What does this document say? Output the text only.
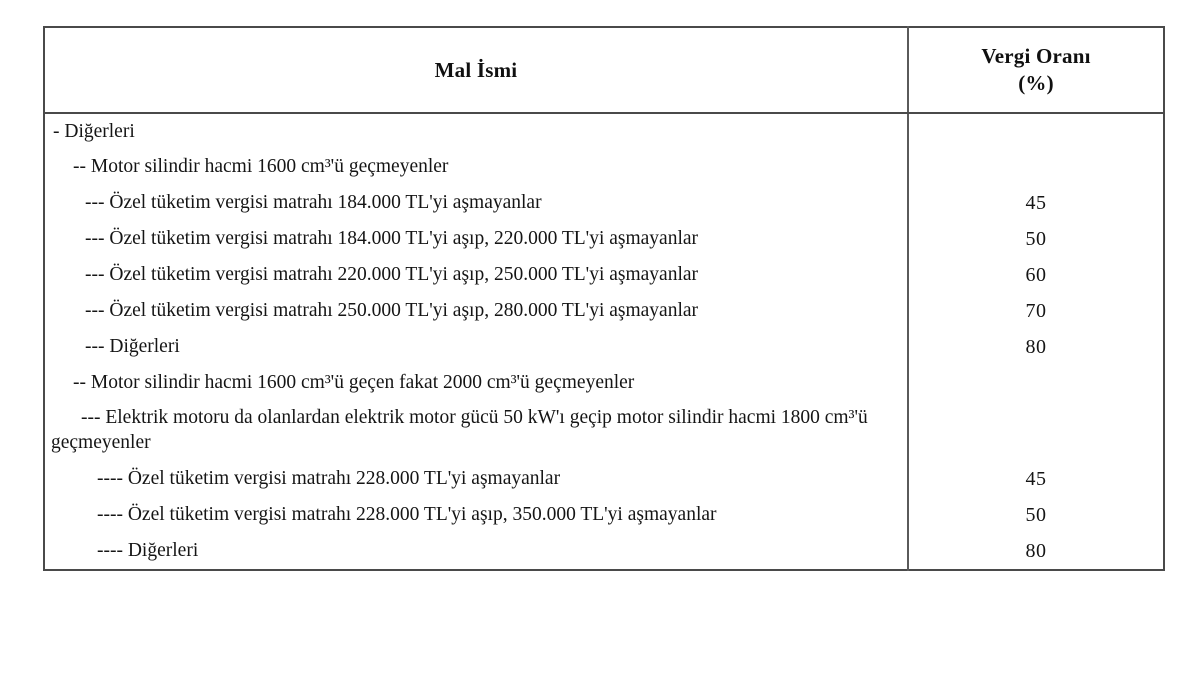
Mal İsmi	Vergi Oranı
(%)

- Diğerleri	
-- Motor silindir hacmi 1600 cm³'ü geçmeyenler	
--- Özel tüketim vergisi matrahı 184.000 TL'yi aşmayanlar	45
--- Özel tüketim vergisi matrahı 184.000 TL'yi aşıp, 220.000 TL'yi aşmayanlar	50
--- Özel tüketim vergisi matrahı 220.000 TL'yi aşıp, 250.000 TL'yi aşmayanlar	60
--- Özel tüketim vergisi matrahı 250.000 TL'yi aşıp, 280.000 TL'yi aşmayanlar	70
--- Diğerleri	80
-- Motor silindir hacmi 1600 cm³'ü geçen fakat 2000 cm³'ü geçmeyenler	

--- Elektrik motoru da olanlardan elektrik motor gücü 50 kW'ı geçip motor silindir hacmi 1800 cm³'ü geçmeyenler	

---- Özel tüketim vergisi matrahı 228.000 TL'yi aşmayanlar	45
---- Özel tüketim vergisi matrahı 228.000 TL'yi aşıp, 350.000 TL'yi aşmayanlar	50
---- Diğerleri	80
